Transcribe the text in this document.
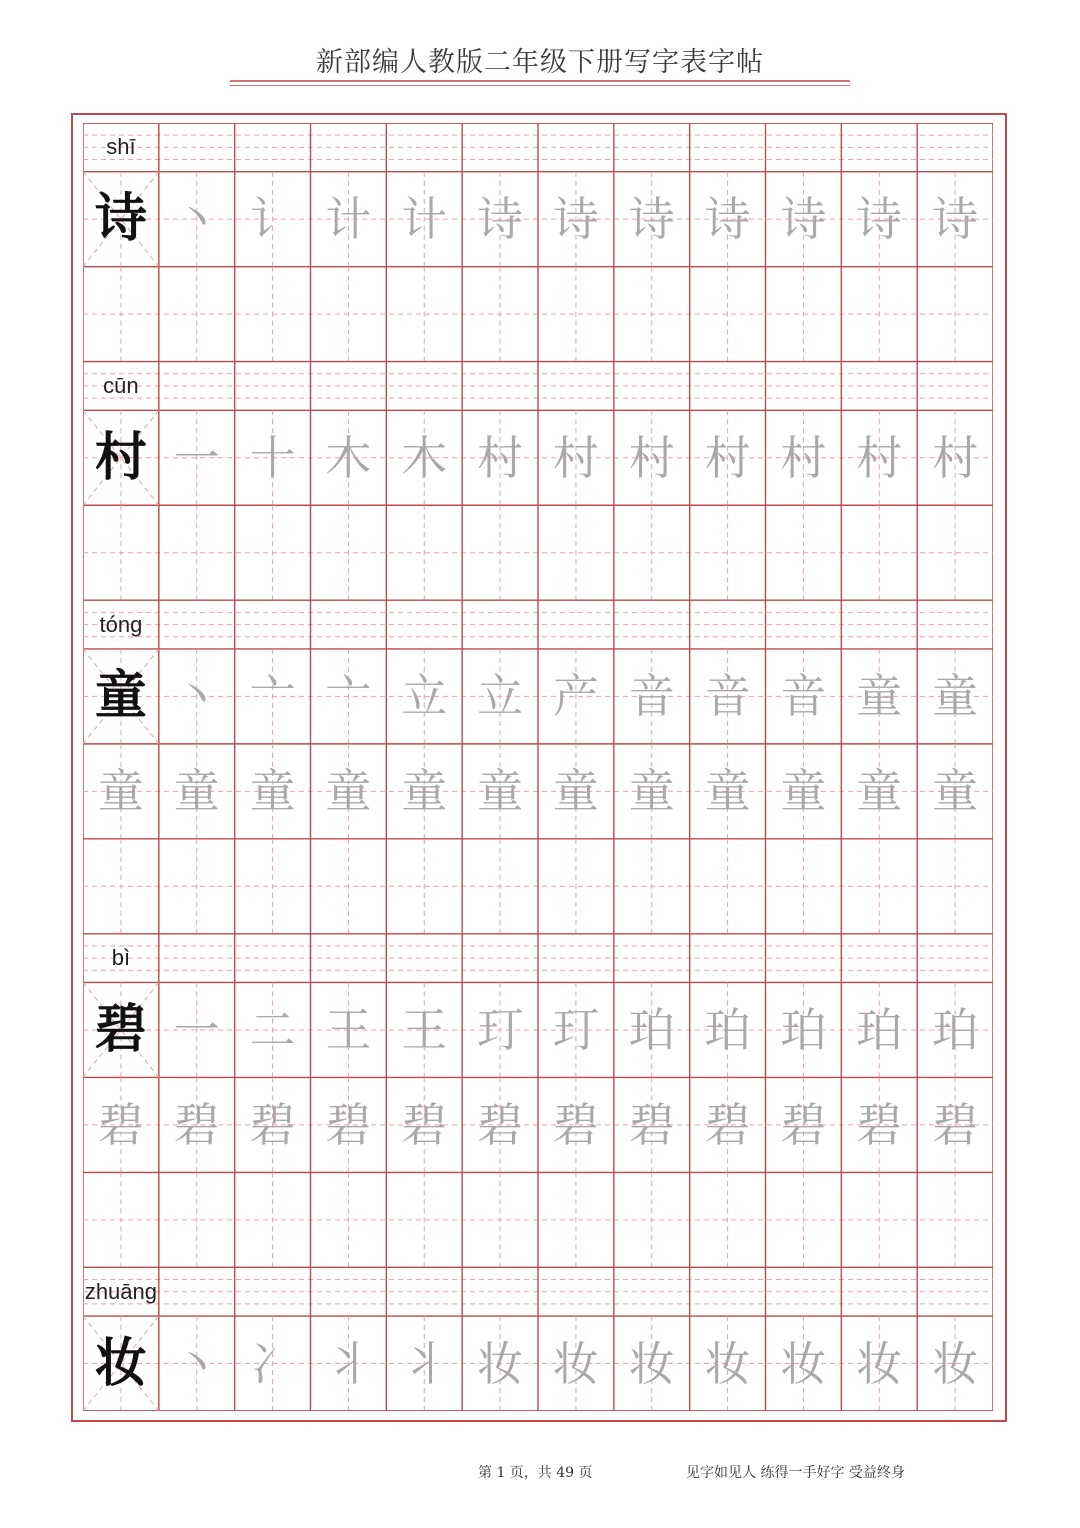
新部编人教版二年级下册写字表字帖
shī
诗 丶 讠 计 计 诗 诗 诗 诗 诗 诗 诗
cūn
村 一 十 木 木 村 村 村 村 村 村 村
tóng
童 丶 亠 亠 立 立 产 音 音 音 童 童
童 童 童 童 童 童 童 童 童 童 童 童
bì
碧 一 二 王 王 玎 玎 珀 珀 珀 珀 珀
碧 碧 碧 碧 碧 碧 碧 碧 碧 碧 碧 碧
zhuāng
妆 丶 冫 丬 丬 妆 妆 妆 妆 妆 妆 妆
第 1 页，共 49 页	见字如见人 练得一手好字 受益终身
